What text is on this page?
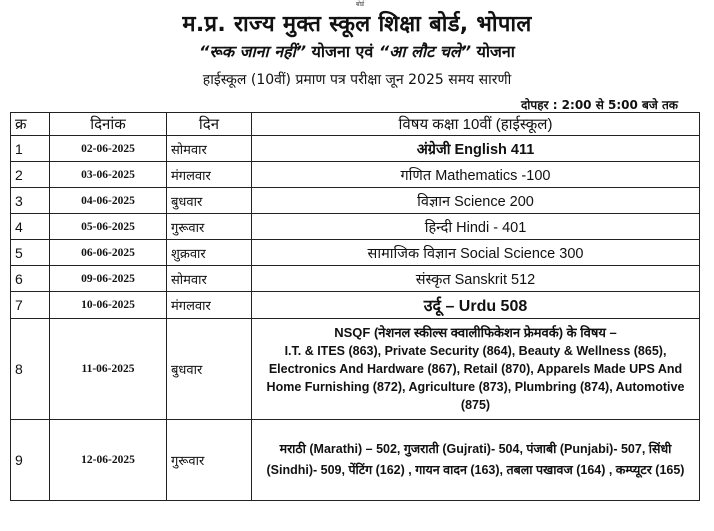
बोर्ड
म.प्र. राज्य मुक्त स्कूल शिक्षा बोर्ड, भोपाल
“रूक जाना नहीं” योजना एवं “आ लौट चले” योजना
हाईस्कूल (10वीं) प्रमाण पत्र परीक्षा जून 2025 समय सारणी
दोपहर : 2:00 से 5:00 बजे तक
क्र	दिनांक	दिन	विषय कक्षा 10वीं (हाईस्कूल)
1	02-06-2025	सोमवार	अंग्रेजी English 411
2	03-06-2025	मंगलवार	गणित Mathematics -100
3	04-06-2025	बुधवार	विज्ञान Science 200
4	05-06-2025	गुरूवार	हिन्दी Hindi - 401
5	06-06-2025	शुक्रवार	सामाजिक विज्ञान Social Science 300
6	09-06-2025	सोमवार	संस्कृत Sanskrit 512
7	10-06-2025	मंगलवार	उर्दू – Urdu 508
8	11-06-2025	बुधवार	NSQF (नेशनल स्कील्स क्वालीफिकेशन फ्रेमवर्क) के विषय –
I.T. & ITES (863), Private Security (864), Beauty & Wellness (865), Electronics And Hardware (867), Retail (870), Apparels Made UPS And Home Furnishing (872), Agriculture (873), Plumbring (874), Automotive (875)
9	12-06-2025	गुरूवार	मराठी (Marathi) – 502, गुजराती (Gujrati)- 504, पंजाबी (Punjabi)- 507, सिंधी (Sindhi)- 509, पेंटिंग (162) , गायन वादन (163), तबला पखावज (164) , कम्प्यूटर (165)
